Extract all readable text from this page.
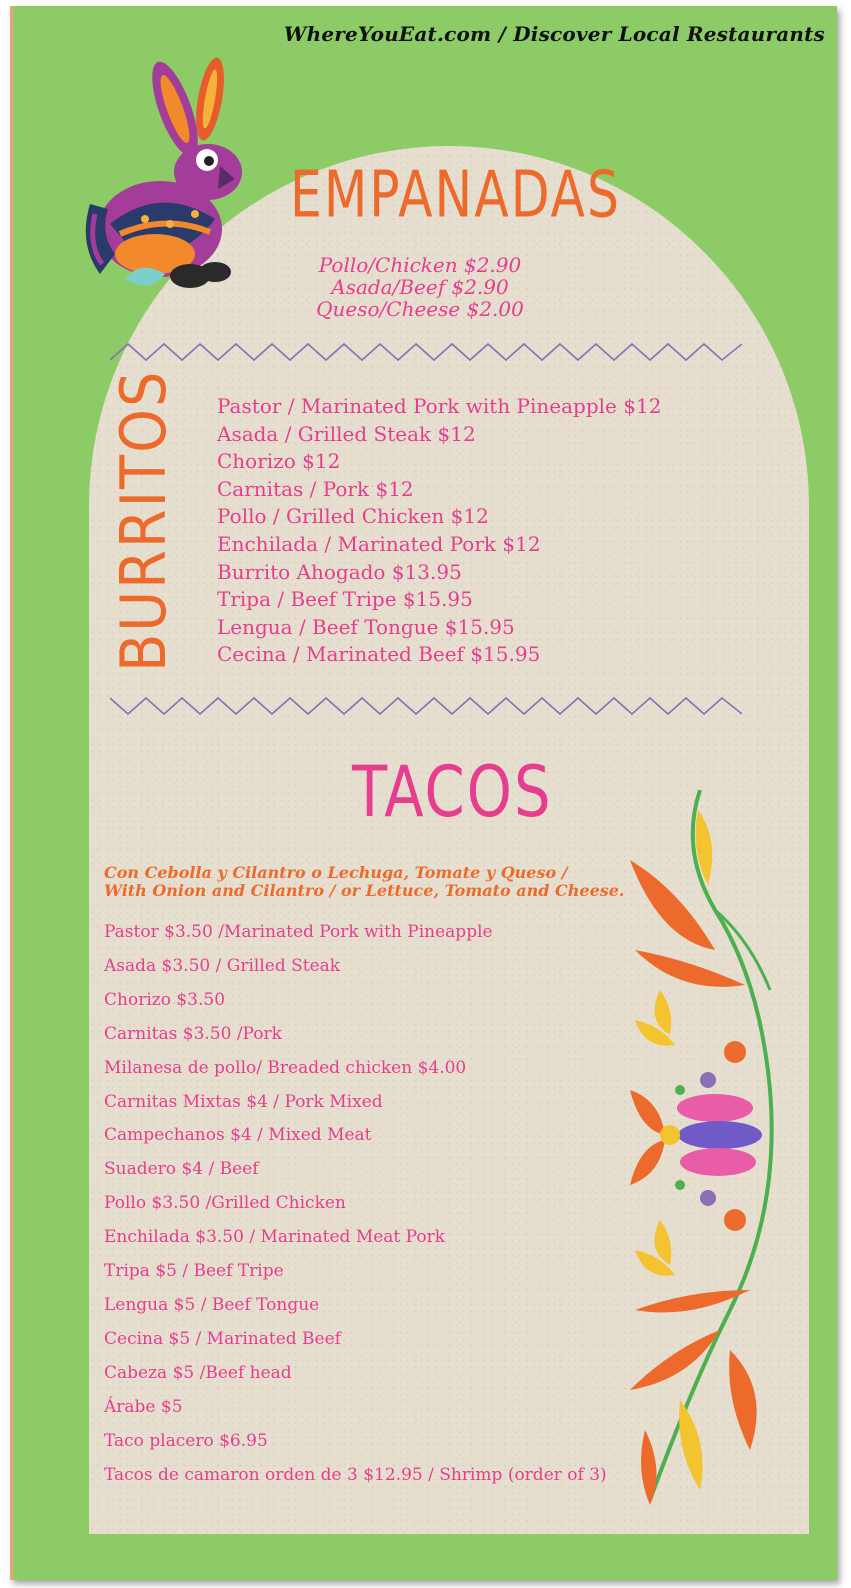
WhereYouEat.com / Discover Local Restaurants
EMPANADAS
Pollo/Chicken $2.90
Asada/Beef $2.90
Queso/Cheese $2.00
BURRITOS Pastor / Marinated Pork with Pineapple $12
Asada / Grilled Steak $12
Chorizo $12
Carnitas / Pork $12
Pollo / Grilled Chicken $12
Enchilada / Marinated Pork $12
Burrito Ahogado $13.95
Tripa / Beef Tripe $15.95
Lengua / Beef Tongue $15.95
Cecina / Marinated Beef $15.95
TACOS
Con Cebolla y Cilantro o Lechuga, Tomate y Queso /
With Onion and Cilantro / or Lettuce, Tomato and Cheese.
Pastor $3.50 /Marinated Pork with Pineapple
Asada $3.50 / Grilled Steak
Chorizo $3.50
Carnitas $3.50 /Pork
Milanesa de pollo/ Breaded chicken $4.00
Carnitas Mixtas $4 / Pork Mixed
Campechanos $4 / Mixed Meat
Suadero $4 / Beef
Pollo $3.50 /Grilled Chicken
Enchilada $3.50 / Marinated Meat Pork
Tripa $5 / Beef Tripe
Lengua $5 / Beef Tongue
Cecina $5 / Marinated Beef
Cabeza $5 /Beef head
Árabe $5
Taco placero $6.95
Tacos de camaron orden de 3 $12.95 / Shrimp (order of 3)
